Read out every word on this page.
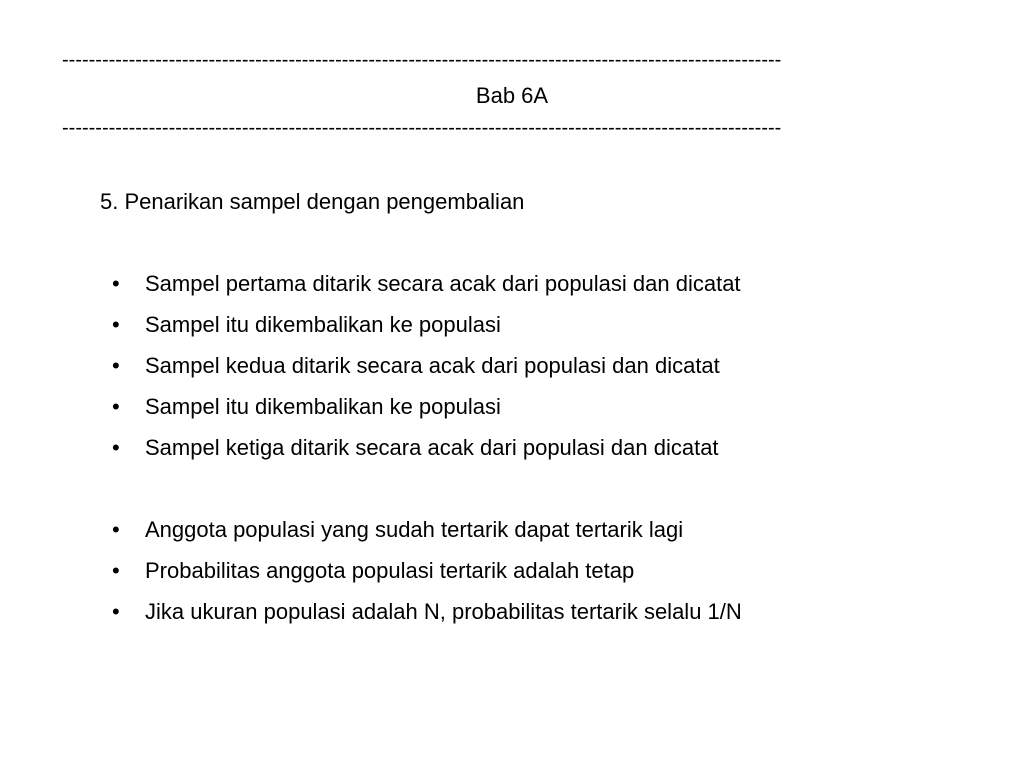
------------------------------------------------------------------------------------------------------------
Bab 6A
------------------------------------------------------------------------------------------------------------
5. Penarikan sampel dengan pengembalian
• Sampel pertama ditarik secara acak dari populasi dan dicatat
• Sampel itu dikembalikan ke populasi
• Sampel kedua ditarik secara acak dari populasi dan dicatat
• Sampel itu dikembalikan ke populasi
• Sampel ketiga ditarik secara acak dari populasi dan dicatat
• Anggota populasi yang sudah tertarik dapat tertarik lagi
• Probabilitas anggota populasi tertarik adalah tetap
• Jika ukuran populasi adalah N, probabilitas tertarik selalu 1/N
